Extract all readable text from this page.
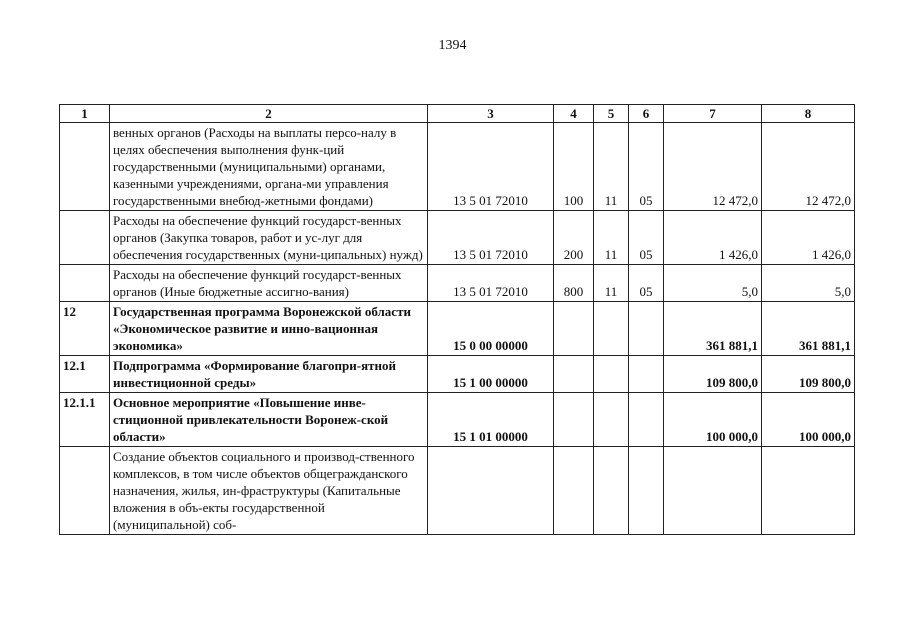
1394
1	2	3	4	5	6	7	8
	венных органов (Расходы на выплаты персо-налу в целях обеспечения выполнения функ-ций государственными (муниципальными) органами, казенными учреждениями, органа-ми управления государственными внебюд-жетными фондами)	13 5 01 72010	100	11	05	12 472,0	12 472,0
	Расходы на обеспечение функций государст-венных органов (Закупка товаров, работ и ус-луг для обеспечения государственных (муни-ципальных) нужд)	13 5 01 72010	200	11	05	1 426,0	1 426,0
	Расходы на обеспечение функций государст-венных органов (Иные бюджетные ассигно-вания)	13 5 01 72010	800	11	05	5,0	5,0
12	Государственная программа Воронежской области «Экономическое развитие и инно-вационная экономика»	15 0 00 00000				361 881,1	361 881,1
12.1	Подпрограмма «Формирование благопри-ятной инвестиционной среды»	15 1 00 00000				109 800,0	109 800,0
12.1.1	Основное мероприятие «Повышение инве-стиционной привлекательности Воронеж-ской области»	15 1 01 00000				100 000,0	100 000,0
	Создание объектов социального и производ-ственного комплексов, в том числе объектов общегражданского назначения, жилья, ин-фраструктуры (Капитальные вложения в объ-екты государственной (муниципальной) соб-						
